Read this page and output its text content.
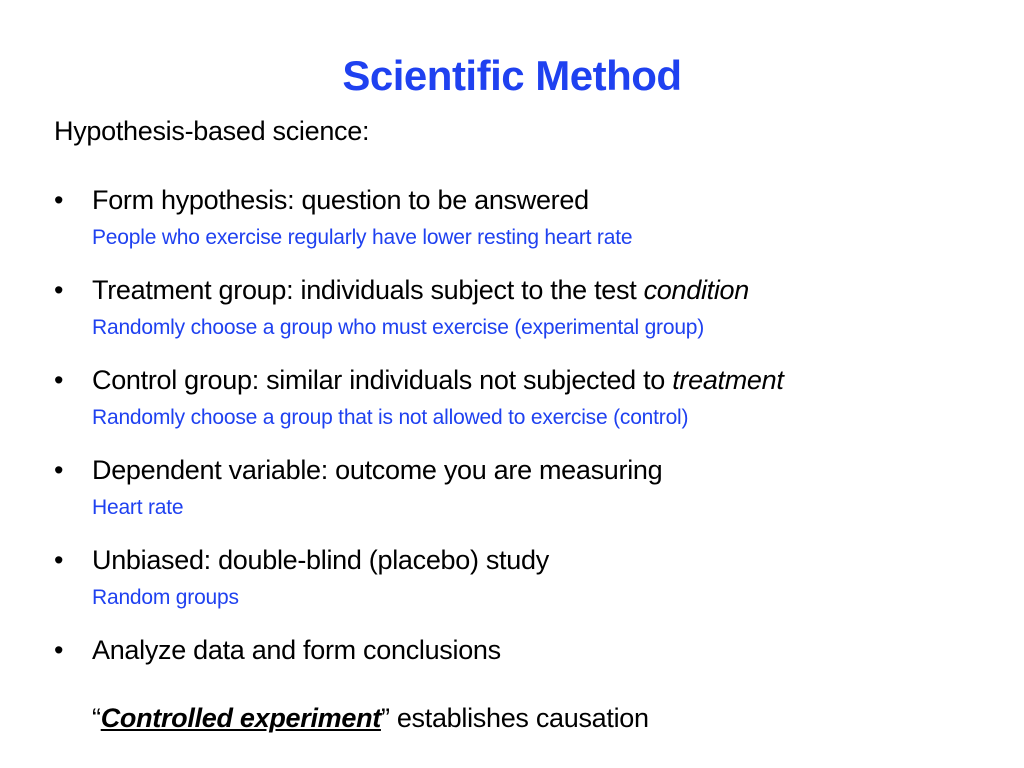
Scientific Method
Hypothesis-based science:
•	Form hypothesis: question to be answered
People who exercise regularly have lower resting heart rate
•	Treatment group: individuals subject to the test condition
Randomly choose a group who must exercise (experimental group)
•	Control group: similar individuals not subjected to treatment
Randomly choose a group that is not allowed to exercise (control)
•	Dependent variable: outcome you are measuring
Heart rate
•	Unbiased: double-blind (placebo) study
Random groups
•	Analyze data and form conclusions
“Controlled experiment” establishes causation
